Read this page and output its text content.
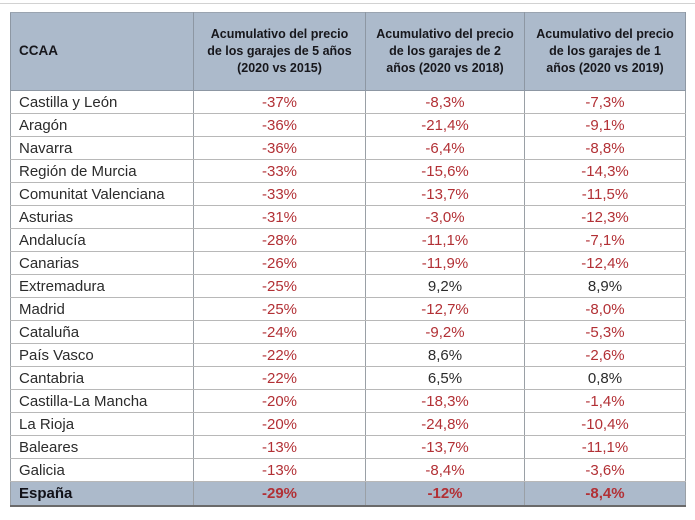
CCAA	Acumulativo del precio de los garajes de 5 años (2020 vs 2015)	Acumulativo del precio de los garajes de 2 años (2020 vs 2018)	Acumulativo del precio de los garajes de 1 años (2020 vs 2019)
Castilla y León	-37%	-8,3%	-7,3%
Aragón	-36%	-21,4%	-9,1%
Navarra	-36%	-6,4%	-8,8%
Región de Murcia	-33%	-15,6%	-14,3%
Comunitat Valenciana	-33%	-13,7%	-11,5%
Asturias	-31%	-3,0%	-12,3%
Andalucía	-28%	-11,1%	-7,1%
Canarias	-26%	-11,9%	-12,4%
Extremadura	-25%	9,2%	8,9%
Madrid	-25%	-12,7%	-8,0%
Cataluña	-24%	-9,2%	-5,3%
País Vasco	-22%	8,6%	-2,6%
Cantabria	-22%	6,5%	0,8%
Castilla-La Mancha	-20%	-18,3%	-1,4%
La Rioja	-20%	-24,8%	-10,4%
Baleares	-13%	-13,7%	-11,1%
Galicia	-13%	-8,4%	-3,6%
España	-29%	-12%	-8,4%
